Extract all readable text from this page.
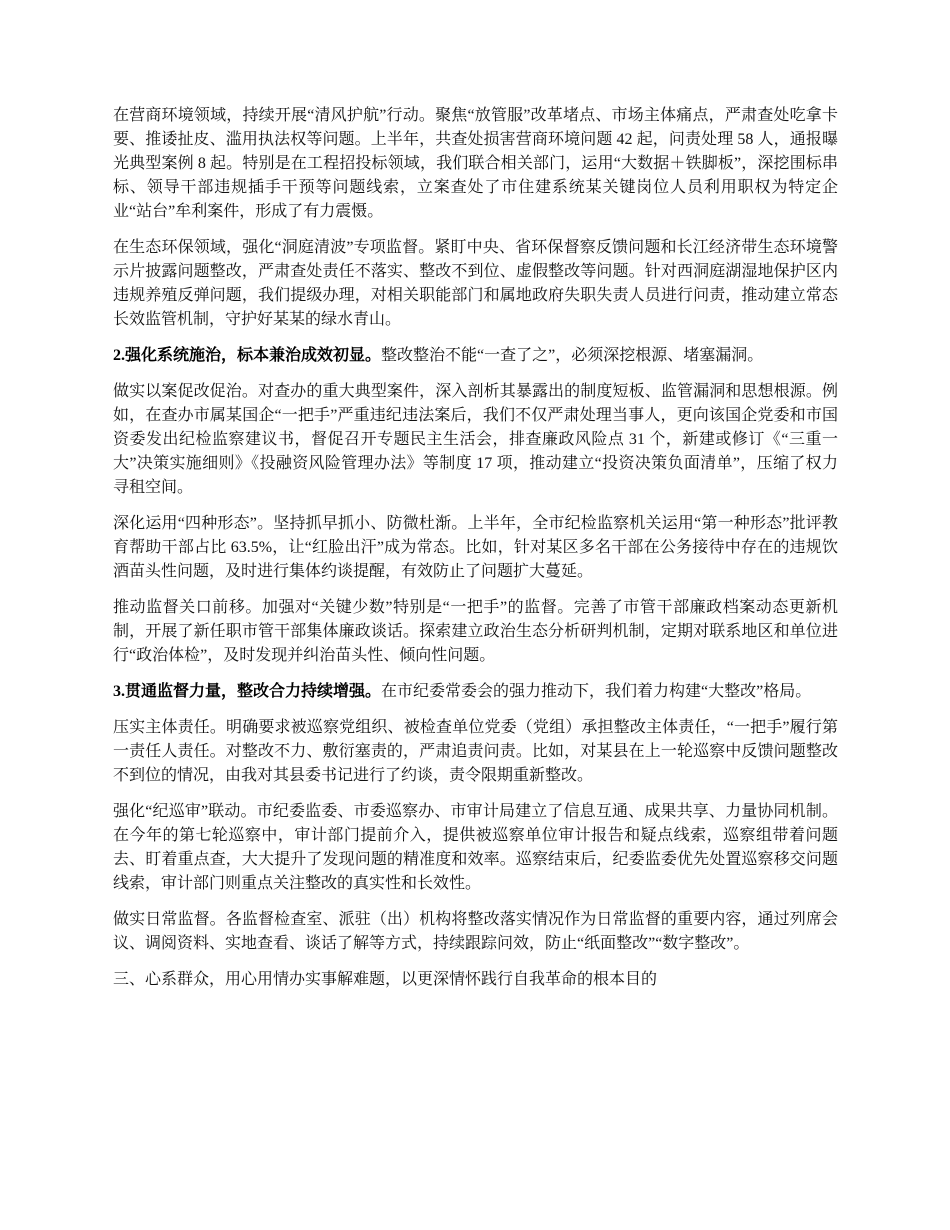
在营商环境领域，持续开展“清风护航”行动。聚焦“放管服”改革堵点、市场主体痛点，严肃查处吃拿卡要、推诿扯皮、滥用执法权等问题。上半年，共查处损害营商环境问题 42 起，问责处理 58 人，通报曝光典型案例 8 起。特别是在工程招投标领域，我们联合相关部门，运用“大数据＋铁脚板”，深挖围标串标、领导干部违规插手干预等问题线索，立案查处了市住建系统某关键岗位人员利用职权为特定企业“站台”牟利案件，形成了有力震慑。

在生态环保领域，强化“洞庭清波”专项监督。紧盯中央、省环保督察反馈问题和长江经济带生态环境警示片披露问题整改，严肃查处责任不落实、整改不到位、虚假整改等问题。针对西洞庭湖湿地保护区内违规养殖反弹问题，我们提级办理，对相关职能部门和属地政府失职失责人员进行问责，推动建立常态长效监管机制，守护好某某的绿水青山。

2.强化系统施治，标本兼治成效初显。整改整治不能“一查了之”，必须深挖根源、堵塞漏洞。

做实以案促改促治。对查办的重大典型案件，深入剖析其暴露出的制度短板、监管漏洞和思想根源。例如，在查办市属某国企“一把手”严重违纪违法案后，我们不仅严肃处理当事人，更向该国企党委和市国资委发出纪检监察建议书，督促召开专题民主生活会，排查廉政风险点 31 个，新建或修订《“三重一大”决策实施细则》《投融资风险管理办法》等制度 17 项，推动建立“投资决策负面清单”，压缩了权力寻租空间。

深化运用“四种形态”。坚持抓早抓小、防微杜渐。上半年，全市纪检监察机关运用“第一种形态”批评教育帮助干部占比 63.5%，让“红脸出汗”成为常态。比如，针对某区多名干部在公务接待中存在的违规饮酒苗头性问题，及时进行集体约谈提醒，有效防止了问题扩大蔓延。

推动监督关口前移。加强对“关键少数”特别是“一把手”的监督。完善了市管干部廉政档案动态更新机制，开展了新任职市管干部集体廉政谈话。探索建立政治生态分析研判机制，定期对联系地区和单位进行“政治体检”，及时发现并纠治苗头性、倾向性问题。

3.贯通监督力量，整改合力持续增强。在市纪委常委会的强力推动下，我们着力构建“大整改”格局。

压实主体责任。明确要求被巡察党组织、被检查单位党委（党组）承担整改主体责任，“一把手”履行第一责任人责任。对整改不力、敷衍塞责的，严肃追责问责。比如，对某县在上一轮巡察中反馈问题整改不到位的情况，由我对其县委书记进行了约谈，责令限期重新整改。

强化“纪巡审”联动。市纪委监委、市委巡察办、市审计局建立了信息互通、成果共享、力量协同机制。在今年的第七轮巡察中，审计部门提前介入，提供被巡察单位审计报告和疑点线索，巡察组带着问题去、盯着重点查，大大提升了发现问题的精准度和效率。巡察结束后，纪委监委优先处置巡察移交问题线索，审计部门则重点关注整改的真实性和长效性。

做实日常监督。各监督检查室、派驻（出）机构将整改落实情况作为日常监督的重要内容，通过列席会议、调阅资料、实地查看、谈话了解等方式，持续跟踪问效，防止“纸面整改”“数字整改”。

三、心系群众，用心用情办实事解难题，以更深情怀践行自我革命的根本目的
